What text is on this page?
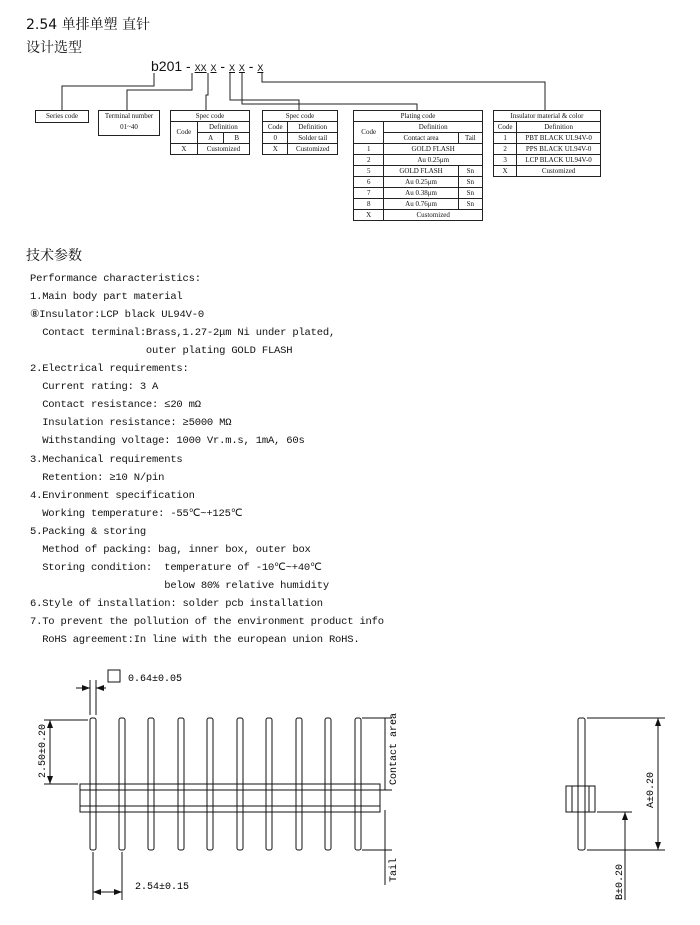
2.54 单排单塑 直针
设计选型
b201 - XX X - X X - X
Series code	Terminal number
01~40
Spec code		
Code	Definition	
	A	B
X	Customized	
Spec code	
Code	Definition
0	Solder tail
X	Customized
Plating code		
Code	Definition	
	Contact area	Tail
1	GOLD FLASH	
2	Au 0.25μm	
5	GOLD FLASH	Sn
6	Au 0.25μm	Sn
7	Au 0.38μm	Sn
8	Au 0.76μm	Sn
X	Customized	
Insulator material & color	
Code	Definition
1	PBT BLACK UL94V-0
2	PPS BLACK UL94V-0
3	LCP BLACK UL94V-0
X	Customized
技术参数
Performance characteristics:
1.Main body part material
⑧Insulator:LCP black UL94V-0
Contact terminal:Brass,1.27-2μm Ni under plated,
outer plating GOLD FLASH
2.Electrical requirements:
Current rating: 3 A
Contact resistance: ≤20 mΩ
Insulation resistance: ≥5000 MΩ
Withstanding voltage: 1000 Vr.m.s, 1mA, 60s
3.Mechanical requirements
Retention: ≥10 N/pin
4.Environment specification
Working temperature: -55℃~+125℃
5.Packing & storing
Method of packing: bag, inner box, outer box
Storing condition:  temperature of -10℃~+40℃
below 80% relative humidity
6.Style of installation: solder pcb installation
7.To prevent the pollution of the environment product info
RoHS agreement:In line with the european union RoHS.
0.64±0.05
2.54±0.15
2.50±0.20	Contact area
Tail
A±0.20
B±0.20
